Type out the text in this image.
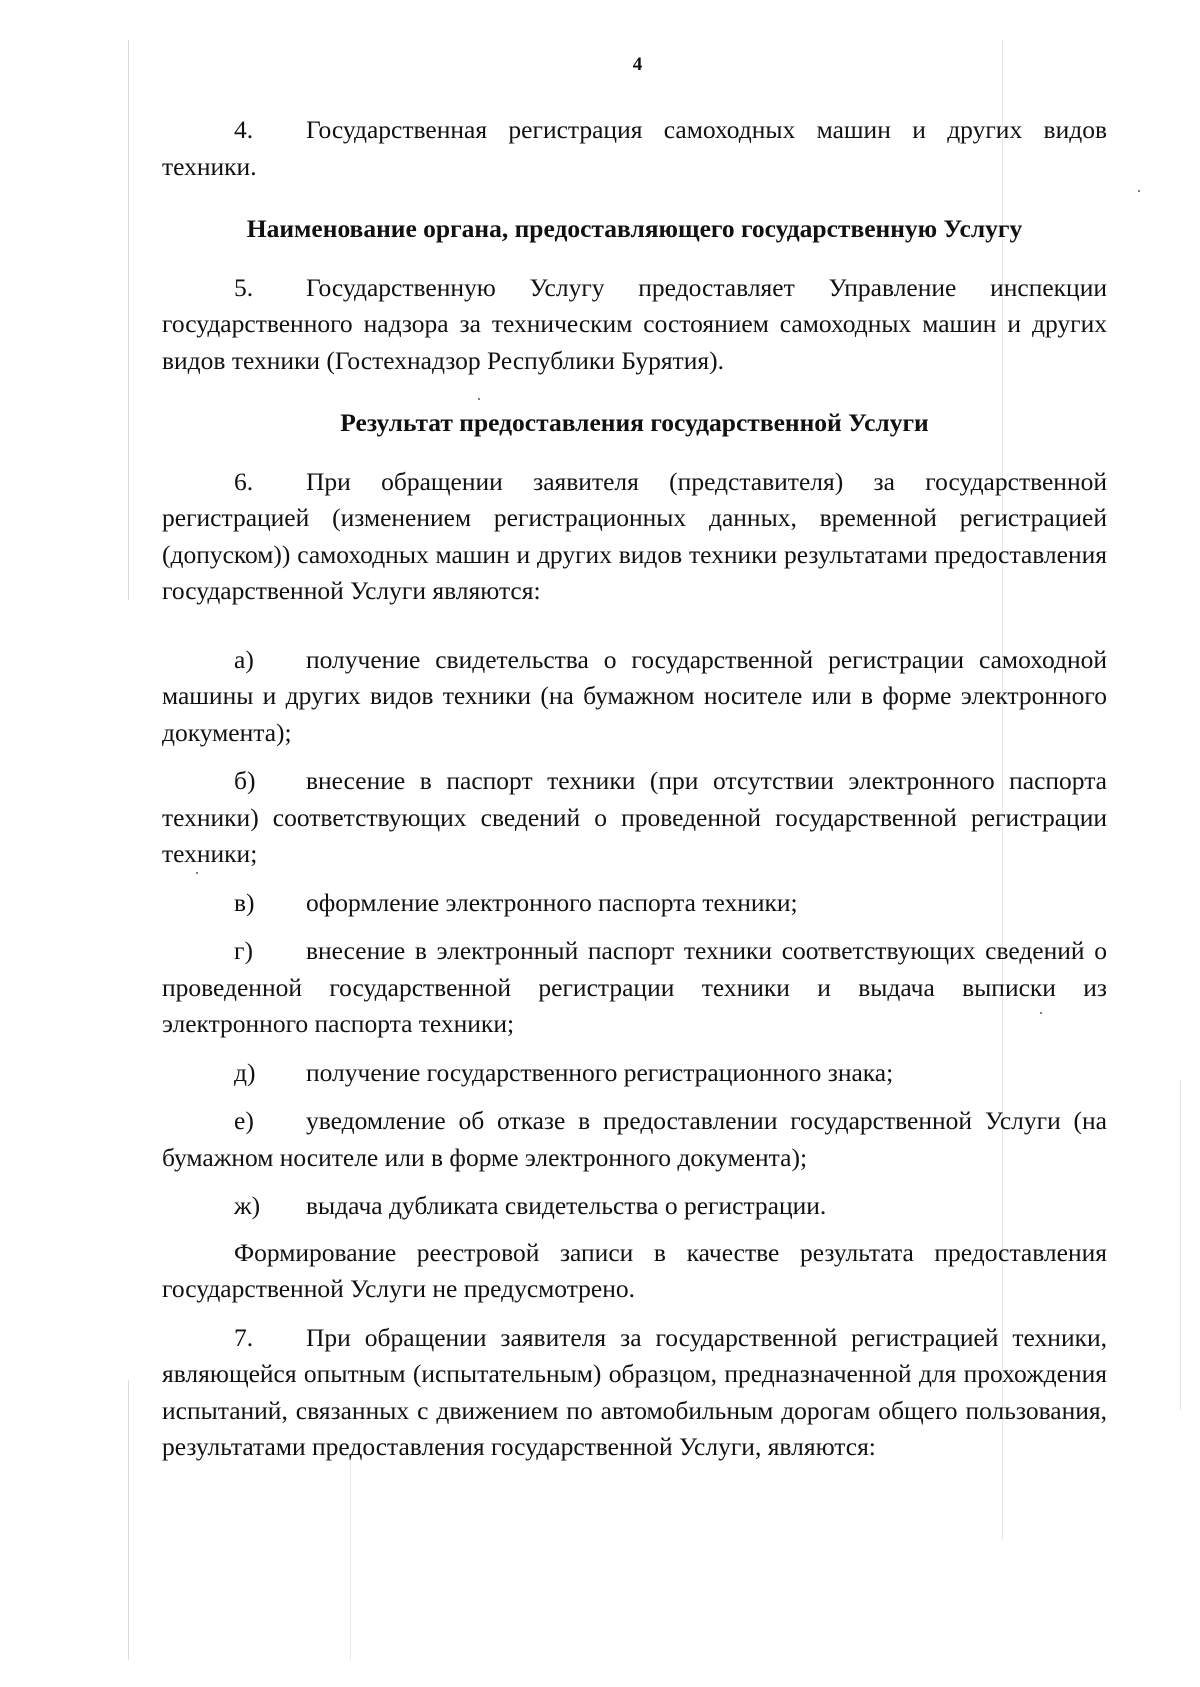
4

4. Государственная регистрация самоходных машин и других видов техники.

Наименование органа, предоставляющего государственную Услугу

5. Государственную Услугу предоставляет Управление инспекции государственного надзора за техническим состоянием самоходных машин и других видов техники (Гостехнадзор Республики Бурятия).

Результат предоставления государственной Услуги

6. При обращении заявителя (представителя) за государственной регистрацией (изменением регистрационных данных, временной регистрацией (допуском)) самоходных машин и других видов техники результатами предоставления государственной Услуги являются:

а) получение свидетельства о государственной регистрации самоходной машины и других видов техники (на бумажном носителе или в форме электронного документа);

б) внесение в паспорт техники (при отсутствии электронного паспорта техники) соответствующих сведений о проведенной государственной регистрации техники;

в) оформление электронного паспорта техники;

г) внесение в электронный паспорт техники соответствующих сведений о проведенной государственной регистрации техники и выдача выписки из электронного паспорта техники;

д) получение государственного регистрационного знака;

е) уведомление об отказе в предоставлении государственной Услуги (на бумажном носителе или в форме электронного документа);

ж) выдача дубликата свидетельства о регистрации.

Формирование реестровой записи в качестве результата предоставления государственной Услуги не предусмотрено.

7. При обращении заявителя за государственной регистрацией техники, являющейся опытным (испытательным) образцом, предназначенной для прохождения испытаний, связанных с движением по автомобильным дорогам общего пользования, результатами предоставления государственной Услуги, являются:
